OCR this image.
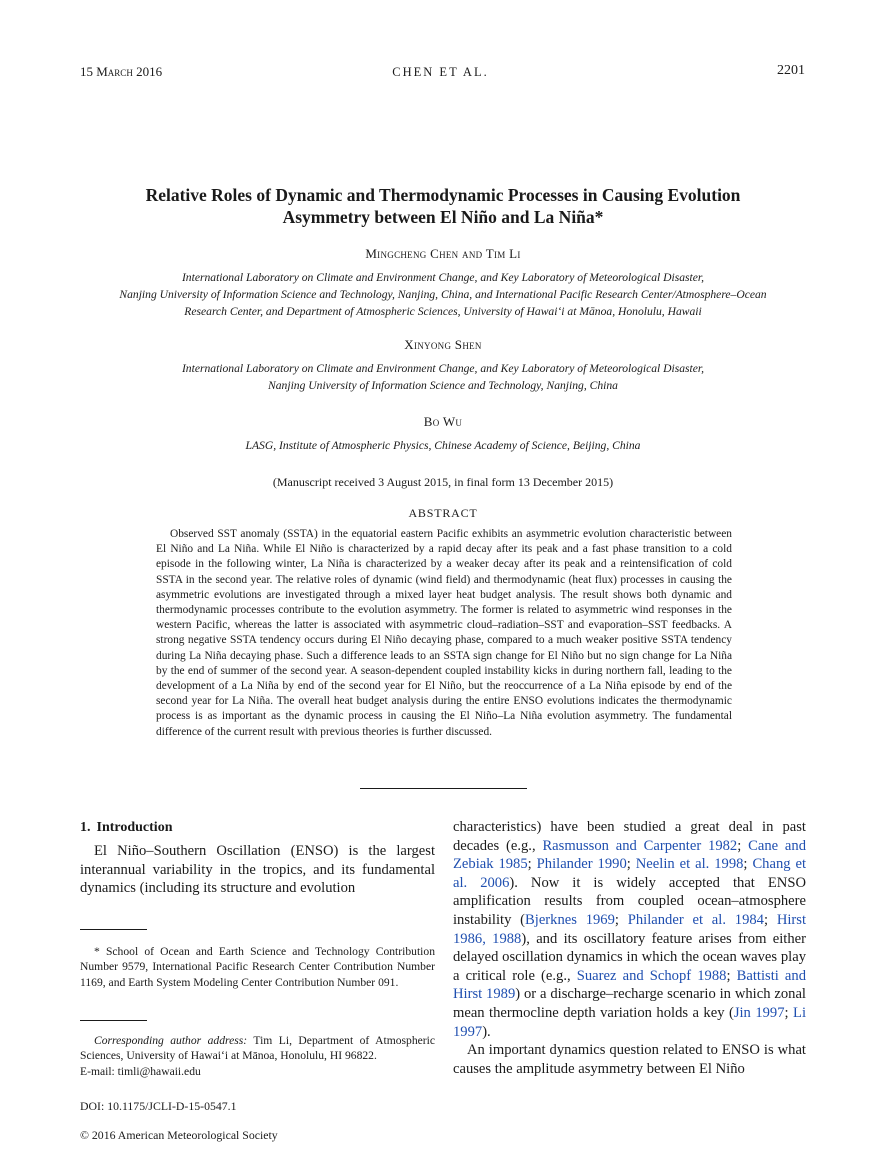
15 March 2016	CHEN ET AL.	2201
Relative Roles of Dynamic and Thermodynamic Processes in Causing Evolution
Asymmetry between El Niño and La Niña*
Mingcheng Chen and Tim Li
International Laboratory on Climate and Environment Change, and Key Laboratory of Meteorological Disaster,
Nanjing University of Information Science and Technology, Nanjing, China, and International Pacific Research Center/Atmosphere–Ocean
Research Center, and Department of Atmospheric Sciences, University of Hawai‘i at Mānoa, Honolulu, Hawaii
Xinyong Shen
International Laboratory on Climate and Environment Change, and Key Laboratory of Meteorological Disaster,
Nanjing University of Information Science and Technology, Nanjing, China
Bo Wu
LASG, Institute of Atmospheric Physics, Chinese Academy of Science, Beijing, China
(Manuscript received 3 August 2015, in final form 13 December 2015)
ABSTRACT

Observed SST anomaly (SSTA) in the equatorial eastern Pacific exhibits an asymmetric evolution characteristic between El Niño and La Niña. While El Niño is characterized by a rapid decay after its peak and a fast phase transition to a cold episode in the following winter, La Niña is characterized by a weaker decay after its peak and a reintensification of cold SSTA in the second year. The relative roles of dynamic (wind field) and thermodynamic (heat flux) processes in causing the asymmetric evolutions are investigated through a mixed layer heat budget analysis. The result shows both dynamic and thermodynamic processes contribute to the evolution asymmetry. The former is related to asymmetric wind responses in the western Pacific, whereas the latter is associated with asymmetric cloud–radiation–SST and evaporation–SST feedbacks. A strong negative SSTA tendency occurs during El Niño decaying phase, compared to a much weaker positive SSTA tendency during La Niña decaying phase. Such a difference leads to an SSTA sign change for El Niño but no sign change for La Niña by the end of summer of the second year. A season-dependent coupled instability kicks in during northern fall, leading to the development of a La Niña by end of the second year for El Niño, but the reoccurrence of a La Niña episode by end of the second year for La Niña. The overall heat budget analysis during the entire ENSO evolutions indicates the thermodynamic process is as important as the dynamic process in causing the El Niño–La Niña evolution asymmetry. The fundamental difference of the current result with previous theories is further discussed.

1. Introduction

El Niño–Southern Oscillation (ENSO) is the largest interannual variability in the tropics, and its fundamental dynamics (including its structure and evolution

* School of Ocean and Earth Science and Technology Contribution Number 9579, International Pacific Research Center Contribution Number 1169, and Earth System Modeling Center Contribution Number 091.

Corresponding author address: Tim Li, Department of Atmospheric Sciences, University of Hawai‘i at Mānoa, Honolulu, HI 96822.
E-mail: timli@hawaii.edu
DOI: 10.1175/JCLI-D-15-0547.1
© 2016 American Meteorological Society

characteristics) have been studied a great deal in past decades (e.g., Rasmusson and Carpenter 1982; Cane and Zebiak 1985; Philander 1990; Neelin et al. 1998; Chang et al. 2006). Now it is widely accepted that ENSO amplification results from coupled ocean–atmosphere instability (Bjerknes 1969; Philander et al. 1984; Hirst 1986, 1988), and its oscillatory feature arises from either delayed oscillation dynamics in which the ocean waves play a critical role (e.g., Suarez and Schopf 1988; Battisti and Hirst 1989) or a discharge–recharge scenario in which zonal mean thermocline depth variation holds a key (Jin 1997; Li 1997).

An important dynamics question related to ENSO is what causes the amplitude asymmetry between El Niño
